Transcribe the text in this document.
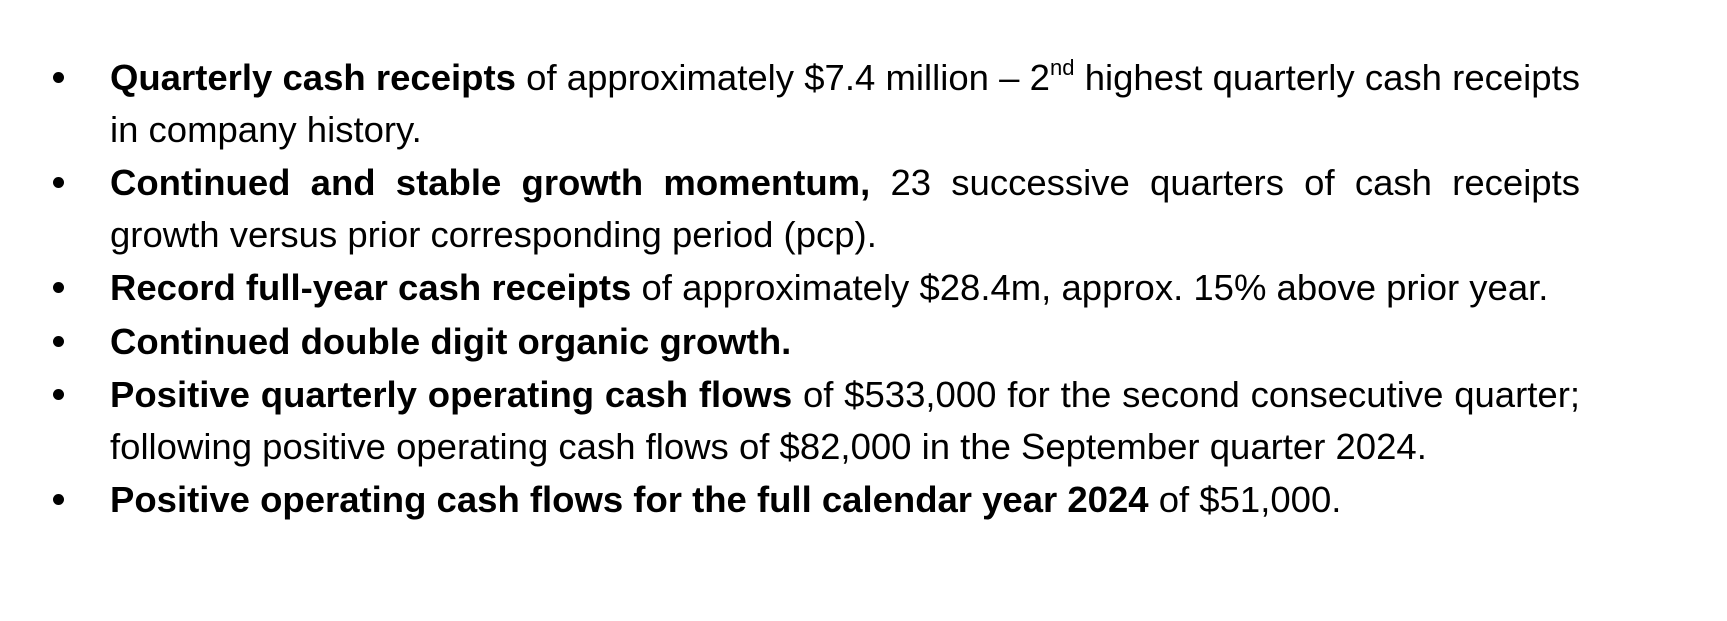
Quarterly cash receipts of approximately $7.4 million – 2nd highest quarterly cash receipts in company history.
Continued and stable growth momentum, 23 successive quarters of cash receipts growth versus prior corresponding period (pcp).
Record full-year cash receipts of approximately $28.4m, approx. 15% above prior year.
Continued double digit organic growth.
Positive quarterly operating cash flows of $533,000 for the second consecutive quarter; following positive operating cash flows of $82,000 in the September quarter 2024.
Positive operating cash flows for the full calendar year 2024 of $51,000.
